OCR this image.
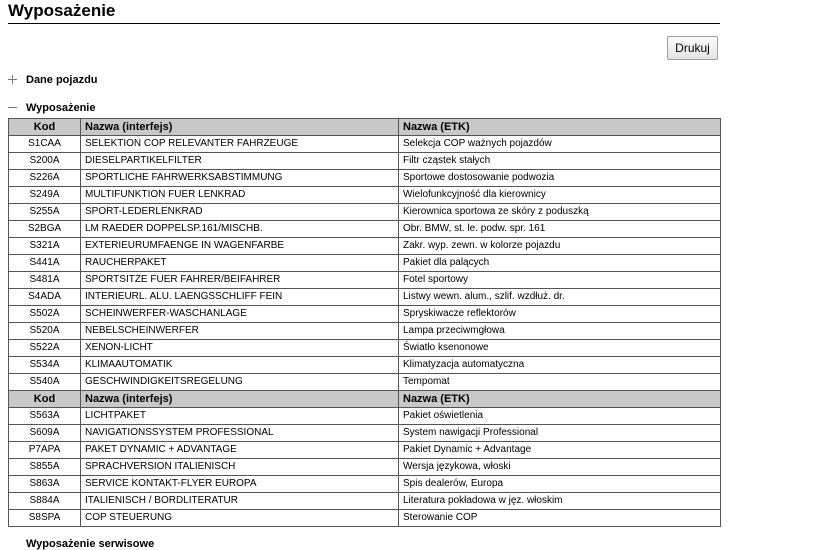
Wyposażenie
Drukuj
Dane pojazdu
Wyposażenie
Kod	Nazwa (interfejs)	Nazwa (ETK)
S1CAA	SELEKTION COP RELEVANTER FAHRZEUGE	Selekcja COP ważnych pojazdów
S200A	DIESELPARTIKELFILTER	Filtr cząstek stałych
S226A	SPORTLICHE FAHRWERKSABSTIMMUNG	Sportowe dostosowanie podwozia
S249A	MULTIFUNKTION FUER LENKRAD	Wielofunkcyjność dla kierownicy
S255A	SPORT-LEDERLENKRAD	Kierownica sportowa ze skóry z poduszką
S2BGA	LM RAEDER DOPPELSP.161/MISCHB.	Obr. BMW, st. le. podw. spr. 161
S321A	EXTERIEURUMFAENGE IN WAGENFARBE	Zakr. wyp. zewn. w kolorze pojazdu
S441A	RAUCHERPAKET	Pakiet dla palących
S481A	SPORTSITZE FUER FAHRER/BEIFAHRER	Fotel sportowy
S4ADA	INTERIEURL. ALU. LAENGSSCHLIFF FEIN	Listwy wewn. alum., szlif. wzdłuż. dr.
S502A	SCHEINWERFER-WASCHANLAGE	Spryskiwacze reflektorów
S520A	NEBELSCHEINWERFER	Lampa przeciwmgłowa
S522A	XENON-LICHT	Światło ksenonowe
S534A	KLIMAAUTOMATIK	Klimatyzacja automatyczna
S540A	GESCHWINDIGKEITSREGELUNG	Tempomat
Kod	Nazwa (interfejs)	Nazwa (ETK)
S563A	LICHTPAKET	Pakiet oświetlenia
S609A	NAVIGATIONSSYSTEM PROFESSIONAL	System nawigacji Professional
P7APA	PAKET DYNAMIC + ADVANTAGE	Pakiet Dynamic + Advantage
S855A	SPRACHVERSION ITALIENISCH	Wersja językowa, włoski
S863A	SERVICE KONTAKT-FLYER EUROPA	Spis dealerów, Europa
S884A	ITALIENISCH / BORDLITERATUR	Literatura pokładowa w jęz. włoskim
S8SPA	COP STEUERUNG	Sterowanie COP
Wyposażenie serwisowe
